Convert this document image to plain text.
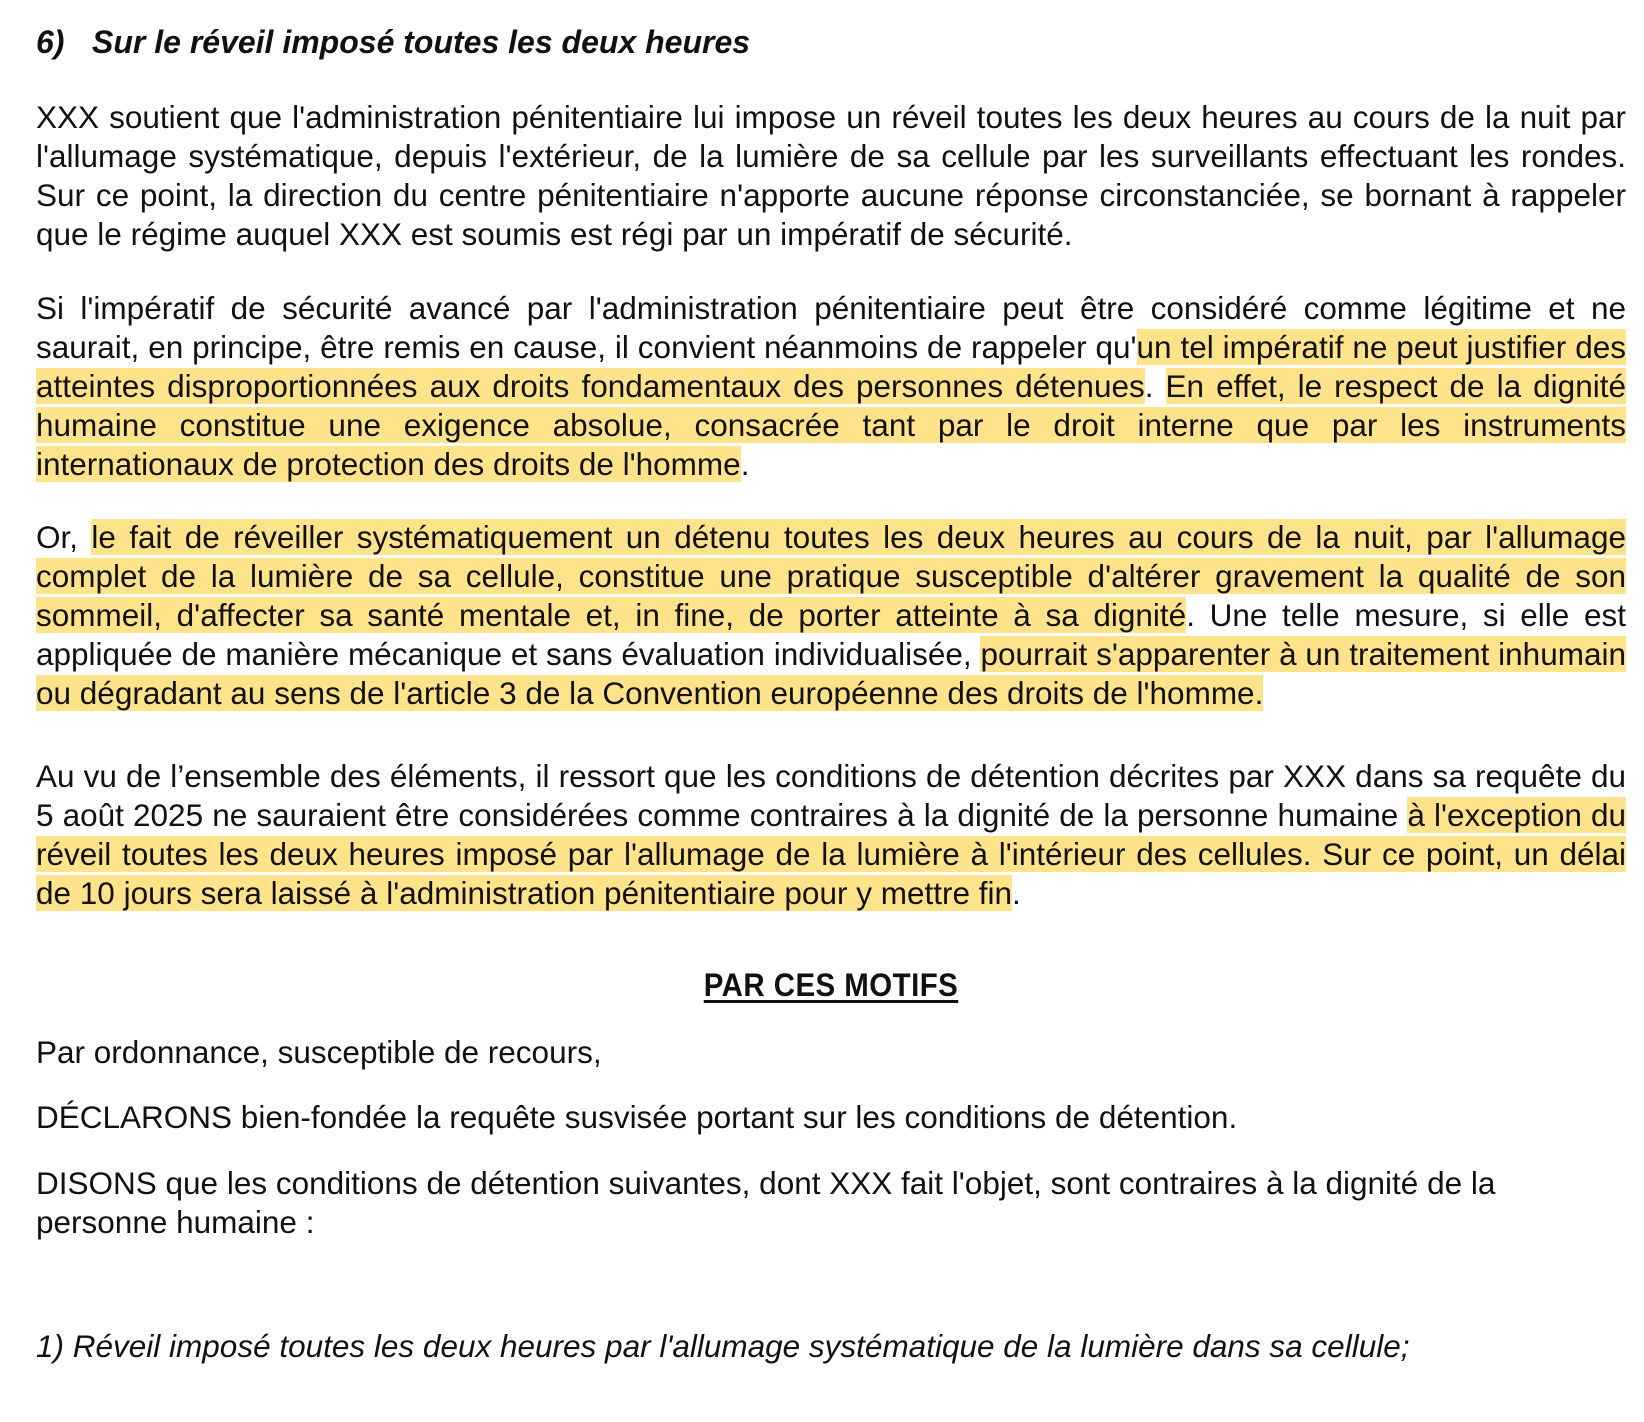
6) Sur le réveil imposé toutes les deux heures

XXX soutient que l'administration pénitentiaire lui impose un réveil toutes les deux heures au cours de la nuit par l'allumage systématique, depuis l'extérieur, de la lumière de sa cellule par les surveillants effectuant les rondes. Sur ce point, la direction du centre pénitentiaire n'apporte aucune réponse circonstanciée, se bornant à rappeler que le régime auquel XXX est soumis est régi par un impératif de sécurité.

Si l'impératif de sécurité avancé par l'administration pénitentiaire peut être considéré comme légitime et ne saurait, en principe, être remis en cause, il convient néanmoins de rappeler qu'un tel impératif ne peut justifier des atteintes disproportionnées aux droits fondamentaux des personnes détenues. En effet, le respect de la dignité humaine constitue une exigence absolue, consacrée tant par le droit interne que par les instruments internationaux de protection des droits de l'homme.

Or, le fait de réveiller systématiquement un détenu toutes les deux heures au cours de la nuit, par l'allumage complet de la lumière de sa cellule, constitue une pratique susceptible d'altérer gravement la qualité de son sommeil, d'affecter sa santé mentale et, in fine, de porter atteinte à sa dignité. Une telle mesure, si elle est appliquée de manière mécanique et sans évaluation individualisée, pourrait s'apparenter à un traitement inhumain ou dégradant au sens de l'article 3 de la Convention européenne des droits de l'homme.

Au vu de l’ensemble des éléments, il ressort que les conditions de détention décrites par XXX dans sa requête du 5 août 2025 ne sauraient être considérées comme contraires à la dignité de la personne humaine à l'exception du réveil toutes les deux heures imposé par l'allumage de la lumière à l'intérieur des cellules. Sur ce point, un délai de 10 jours sera laissé à l'administration pénitentiaire pour y mettre fin.

PAR CES MOTIFS

Par ordonnance, susceptible de recours,

DÉCLARONS bien-fondée la requête susvisée portant sur les conditions de détention.

DISONS que les conditions de détention suivantes, dont XXX fait l'objet, sont contraires à la dignité de la personne humaine :

1) Réveil imposé toutes les deux heures par l'allumage systématique de la lumière dans sa cellule;
